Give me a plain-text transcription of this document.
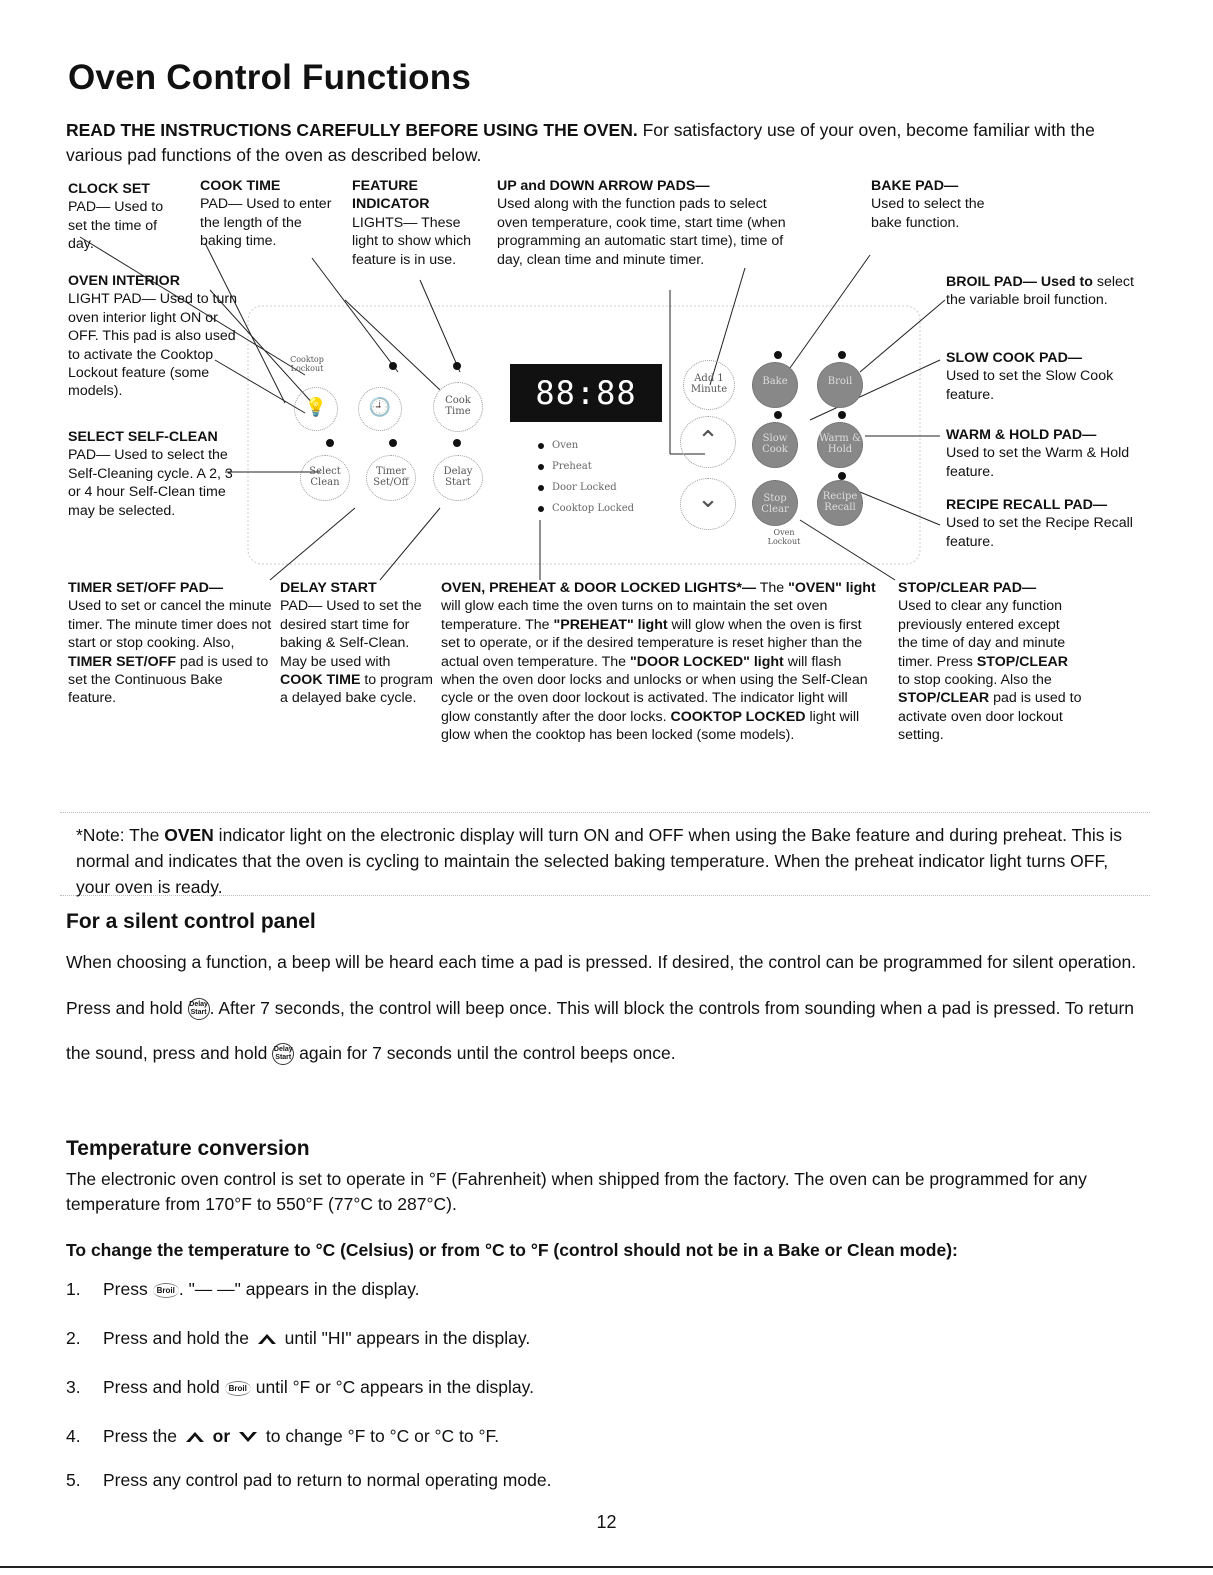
Oven Control Functions

READ THE INSTRUCTIONS CAREFULLY BEFORE USING THE OVEN. For satisfactory use of your oven, become familiar with the various pad functions of the oven as described below.

88:88
Oven
Preheat
Door Locked
Cooktop Locked
Cooktop Lockout
💡	🕘	Cook Time
Select Clean
Timer Set/Off
Delay Start
Add 1 Minute
Bake	Broil
⌃
⌄
Slow Cook
Warm & Hold
Stop Clear
Recipe Recall
Oven Lockout

CLOCK SET
PAD— Used to set the time of day.

COOK TIME
PAD— Used to enter the length of the baking time.

FEATURE INDICATOR
LIGHTS— These light to show which feature is in use.

UP and DOWN ARROW PADS—
Used along with the function pads to select oven temperature, cook time, start time (when programming an automatic start time), time of day, clean time and minute timer.

BAKE PAD—
Used to select the bake function.

OVEN INTERIOR
LIGHT PAD— Used to turn oven interior light ON or OFF. This pad is also used to activate the Cooktop Lockout feature (some models).

SELECT SELF-CLEAN
PAD— Used to select the Self-Cleaning cycle. A 2, 3 or 4 hour Self-Clean time may be selected.

BROIL PAD— Used to select the variable broil function.

SLOW COOK PAD—
Used to set the Slow Cook feature.

WARM & HOLD PAD—
Used to set the Warm & Hold feature.

RECIPE RECALL PAD—
Used to set the Recipe Recall feature.

TIMER SET/OFF PAD—
Used to set or cancel the minute timer. The minute timer does not start or stop cooking. Also,
TIMER SET/OFF pad is used to set the Continuous Bake feature.

DELAY START
PAD— Used to set the desired start time for baking & Self-Clean. May be used with COOK TIME to program a delayed bake cycle.

OVEN, PREHEAT & DOOR LOCKED LIGHTS*— The "OVEN" light will glow each time the oven turns on to maintain the set oven temperature. The "PREHEAT" light will glow when the oven is first set to operate, or if the desired temperature is reset higher than the actual oven temperature. The "DOOR LOCKED" light will flash when the oven door locks and unlocks or when using the Self-Clean cycle or the oven door lockout is activated. The indicator light will glow constantly after the door locks. COOKTOP LOCKED light will glow when the cooktop has been locked (some models).

STOP/CLEAR PAD—
Used to clear any function previously entered except the time of day and minute timer. Press STOP/CLEAR to stop cooking. Also the STOP/CLEAR pad is used to activate oven door lockout setting.

*Note: The OVEN indicator light on the electronic display will turn ON and OFF when using the Bake feature and during preheat. This is normal and indicates that the oven is cycling to maintain the selected baking temperature. When the preheat indicator light turns OFF, your oven is ready.

For a silent control panel

When choosing a function, a beep will be heard each time a pad is pressed. If desired, the control can be programmed for silent operation. Press and hold Delay Start . After 7 seconds, the control will beep once. This will block the controls from sounding when a pad is pressed. To return the sound, press and hold Delay Start again for 7 seconds until the control beeps once.

Temperature conversion

The electronic oven control is set to operate in °F (Fahrenheit) when shipped from the factory. The oven can be programmed for any temperature from 170°F to 550°F (77°C to 287°C).

To change the temperature to °C (Celsius) or from °C to °F (control should not be in a Bake or Clean mode):

1. Press Broil . "— —" appears in the display.

2. Press and hold the  until "HI" appears in the display.

3. Press and hold Broil until °F or °C appears in the display.

4. Press the  or  to change °F to °C or °C to °F.

5. Press any control pad to return to normal operating mode.

12
